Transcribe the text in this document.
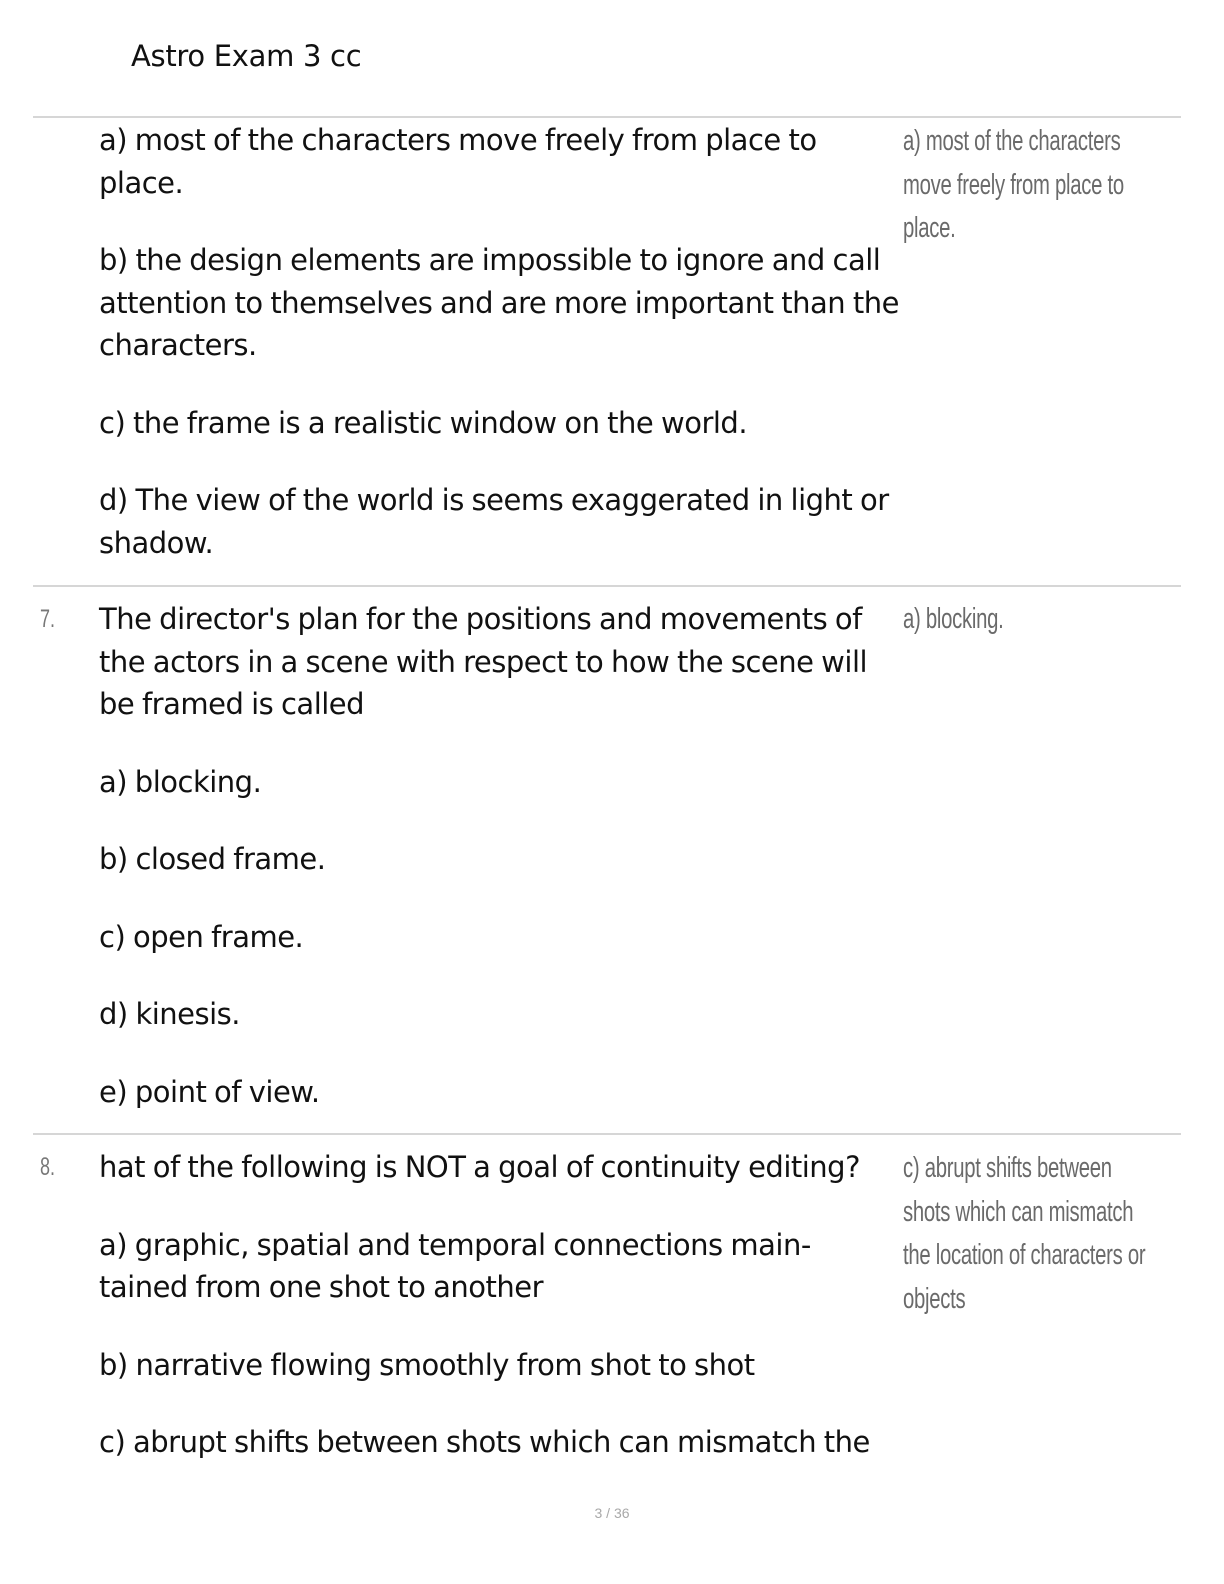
Astro Exam 3 cc

a) most of the characters move freely from place to place.

b) the design elements are impossible to ignore and call attention to themselves and are more important than the characters.

c) the frame is a realistic window on the world.

d) The view of the world is seems exaggerated in light or shadow.

a) most of the characters move freely from place to place.
7. The director's plan for the positions and movements of the actors in a scene with respect to how the scene will be framed is called

a) blocking.

b) closed frame.

c) open frame.

d) kinesis.

e) point of view.

a) blocking.
8. hat of the following is NOT a goal of continuity editing?

a) graphic, spatial and temporal connections main-tained from one shot to another

b) narrative flowing smoothly from shot to shot

c) abrupt shifts between shots which can mismatch the

c) abrupt shifts between shots which can mismatch the location of characters or objects
3 / 36
